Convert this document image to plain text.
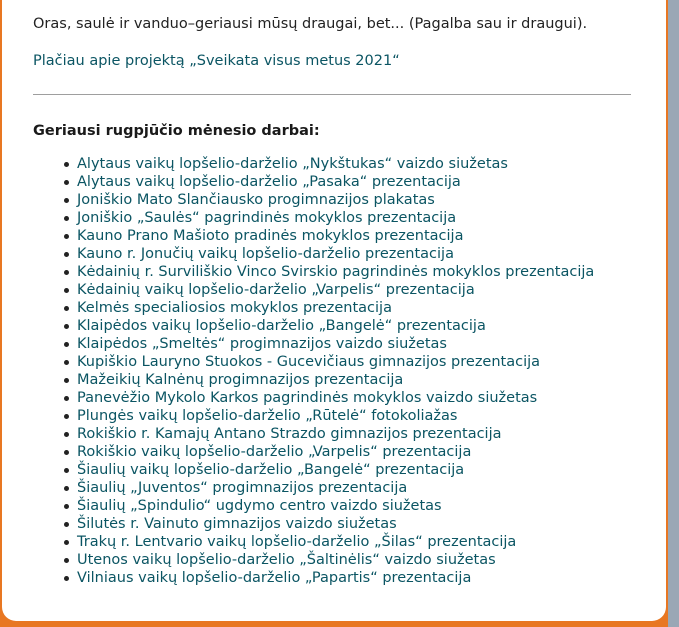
Oras, saulė ir vanduo–geriausi mūsų draugai, bet... (Pagalba sau ir draugui).

Plačiau apie projektą „Sveikata visus metus 2021“
Geriausi rugpjūčio mėnesio darbai:
Alytaus vaikų lopšelio-darželio „Nykštukas“ vaizdo siužetas
Alytaus vaikų lopšelio-darželio „Pasaka“ prezentacija
Joniškio Mato Slančiausko progimnazijos plakatas
Joniškio „Saulės“ pagrindinės mokyklos prezentacija
Kauno Prano Mašioto pradinės mokyklos prezentacija
Kauno r. Jonučių vaikų lopšelio-darželio prezentacija
Kėdainių r. Surviliškio Vinco Svirskio pagrindinės mokyklos prezentacija
Kėdainių vaikų lopšelio-darželio „Varpelis“ prezentacija
Kelmės specialiosios mokyklos prezentacija
Klaipėdos vaikų lopšelio-darželio „Bangelė“ prezentacija
Klaipėdos „Smeltės“ progimnazijos vaizdo siužetas
Kupiškio Lauryno Stuokos - Gucevičiaus gimnazijos prezentacija
Mažeikių Kalnėnų progimnazijos prezentacija
Panevėžio Mykolo Karkos pagrindinės mokyklos vaizdo siužetas
Plungės vaikų lopšelio-darželio „Rūtelė“ fotokoliažas
Rokiškio r. Kamajų Antano Strazdo gimnazijos prezentacija
Rokiškio vaikų lopšelio-darželio „Varpelis“ prezentacija
Šiaulių vaikų lopšelio-darželio „Bangelė“ prezentacija
Šiaulių „Juventos“ progimnazijos prezentacija
Šiaulių „Spindulio“ ugdymo centro vaizdo siužetas
Šilutės r. Vainuto gimnazijos vaizdo siužetas
Trakų r. Lentvario vaikų lopšelio-darželio „Šilas“ prezentacija
Utenos vaikų lopšelio-darželio „Šaltinėlis“ vaizdo siužetas
Vilniaus vaikų lopšelio-darželio „Papartis“ prezentacija
